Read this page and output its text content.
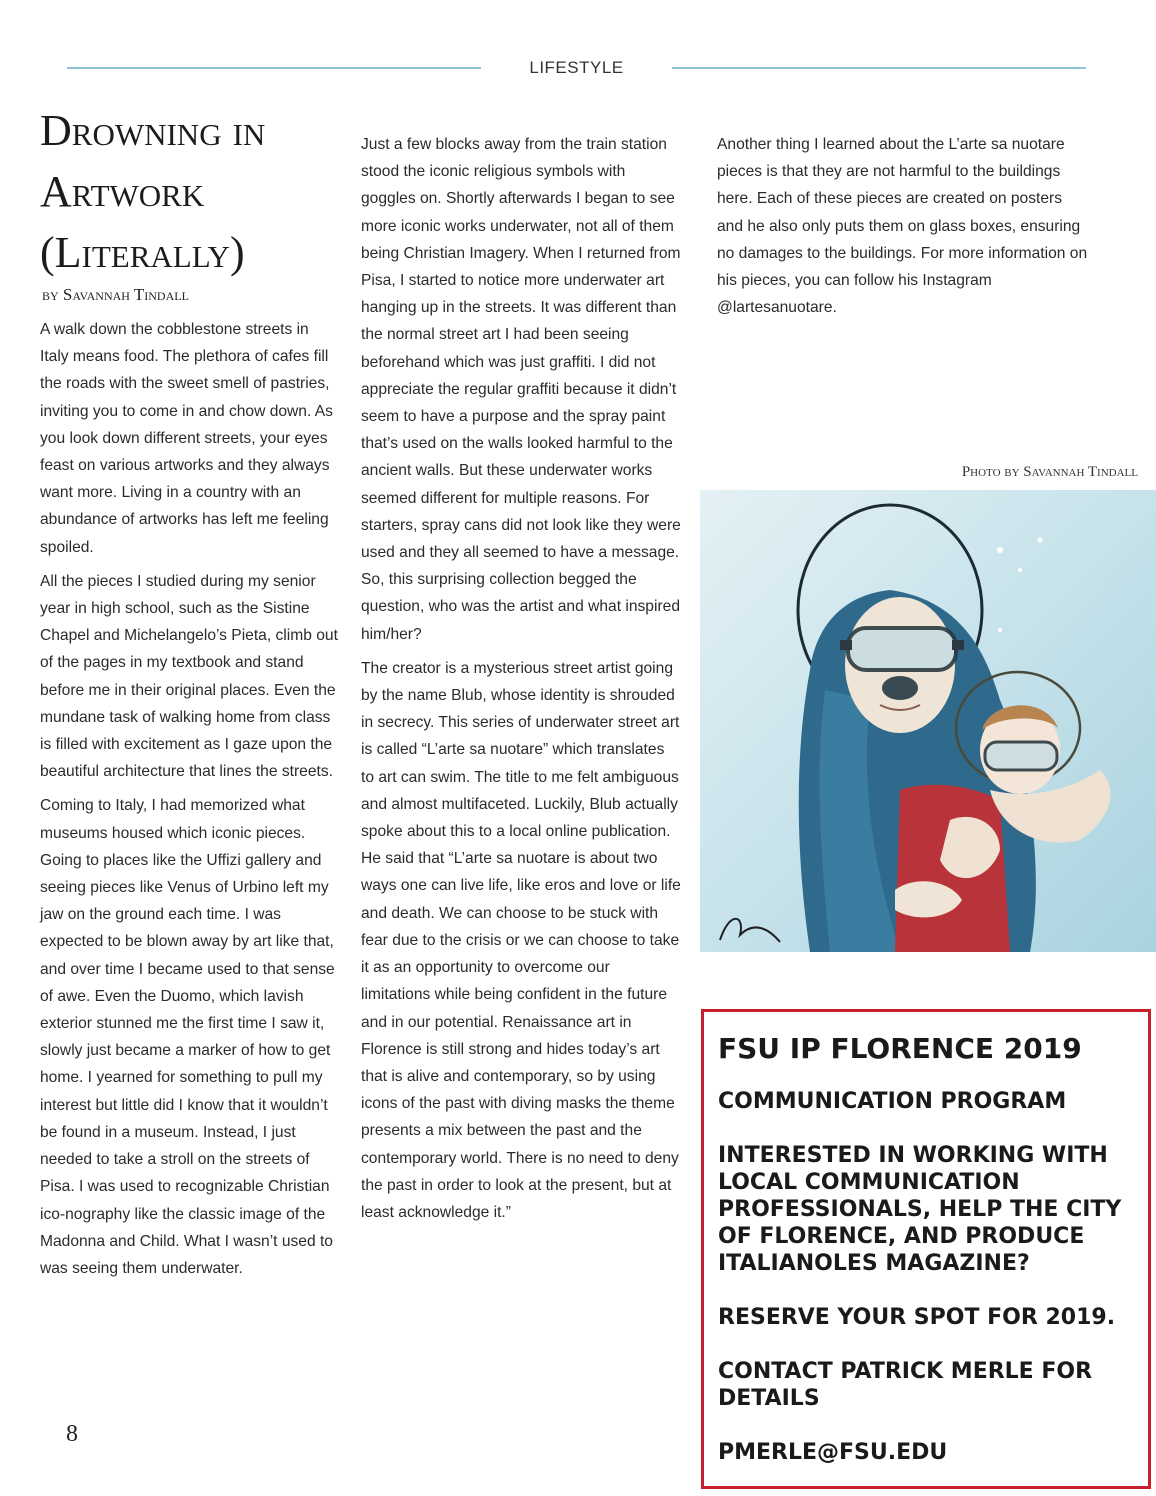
LIFESTYLE
Drowning in Artwork (Literally)
by Savannah Tindall

A walk down the cobblestone streets in Italy means food. The plethora of cafes fill the roads with the sweet smell of pastries, inviting you to come in and chow down. As you look down different streets, your eyes feast on various artworks and they always want more. Living in a country with an abundance of artworks has left me feeling spoiled.

All the pieces I studied during my senior year in high school, such as the Sistine Chapel and Michelangelo’s Pieta, climb out of the pages in my textbook and stand before me in their original places. Even the mundane task of walking home from class is filled with excitement as I gaze upon the beautiful architecture that lines the streets.

Coming to Italy, I had memorized what museums housed which iconic pieces. Going to places like the Uffizi gallery and seeing pieces like Venus of Urbino left my jaw on the ground each time. I was expected to be blown away by art like that, and over time I became used to that sense of awe. Even the Duomo, which lavish exterior stunned me the first time I saw it, slowly just became a marker of how to get home. I yearned for something to pull my interest but little did I know that it wouldn’t be found in a museum. Instead, I just needed to take a stroll on the streets of Pisa. I was used to recognizable Christian ico-nography like the classic image of the Madonna and Child. What I wasn’t used to was seeing them underwater.

Just a few blocks away from the train station stood the iconic religious symbols with goggles on. Shortly afterwards I began to see more iconic works underwater, not all of them being Christian Imagery. When I returned from Pisa, I started to notice more underwater art hanging up in the streets. It was different than the normal street art I had been seeing beforehand which was just graffiti. I did not appreciate the regular graffiti because it didn’t seem to have a purpose and the spray paint that’s used on the walls looked harmful to the ancient walls. But these underwater works seemed different for multiple reasons. For starters, spray cans did not look like they were used and they all seemed to have a message. So, this surprising collection begged the question, who was the artist and what inspired him/her?

The creator is a mysterious street artist going by the name Blub, whose identity is shrouded in secrecy. This series of underwater street art is called “L’arte sa nuotare” which translates to art can swim. The title to me felt ambiguous and almost multifaceted. Luckily, Blub actually spoke about this to a local online publication. He said that “L’arte sa nuotare is about two ways one can live life, like eros and love or life and death. We can choose to be stuck with fear due to the crisis or we can choose to take it as an opportunity to overcome our limitations while being confident in the future and in our potential. Renaissance art in Florence is still strong and hides today’s art that is alive and contemporary, so by using icons of the past with diving masks the theme presents a mix between the past and the contemporary world. There is no need to deny the past in order to look at the present, but at least acknowledge it.”

Another thing I learned about the L’arte sa nuotare pieces is that they are not harmful to the buildings here. Each of these pieces are created on posters and he also only puts them on glass boxes, ensuring no damages to the buildings. For more information on his pieces, you can follow his Instagram @lartesanuotare.

Photo by Savannah Tindall
FSU IP FLORENCE 2019
COMMUNICATION PROGRAM
INTERESTED IN WORKING WITH LOCAL COMMUNICATION PROFESSIONALS, HELP THE CITY OF FLORENCE, AND PRODUCE ITALIANOLES MAGAZINE?
RESERVE YOUR SPOT FOR 2019.
CONTACT PATRICK MERLE FOR DETAILS
PMERLE@FSU.EDU
8
